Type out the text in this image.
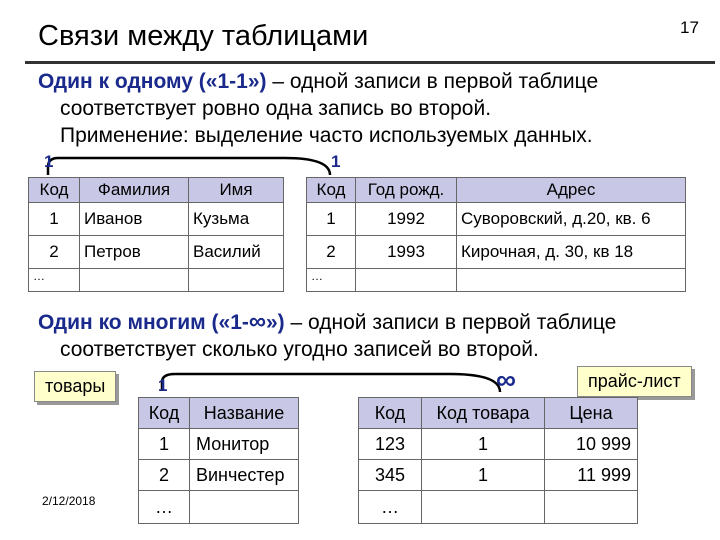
Связи между таблицами	17
Один к одному («1-1») – одной записи в первой таблице
соответствует ровно одна запись во второй.
Применение: выделение часто используемых данных.
1	1
Код	Фамилия	Имя
1	Иванов	Кузьма
2	Петров	Василий
…		
Код	Год рожд.	Адрес
1	1992	Суворовский, д.20, кв. 6
2	1993	Кирочная, д. 30, кв 18
…		
Один ко многим («1-∞») – одной записи в первой таблице
соответствует сколько угодно записей во второй.
товары	прайс-лист
1	∞
Код	Название
1	Монитор
2	Винчестер
…	
Код	Код товара	Цена
123	1	10 999
345	1	11 999
…		
2/12/2018
